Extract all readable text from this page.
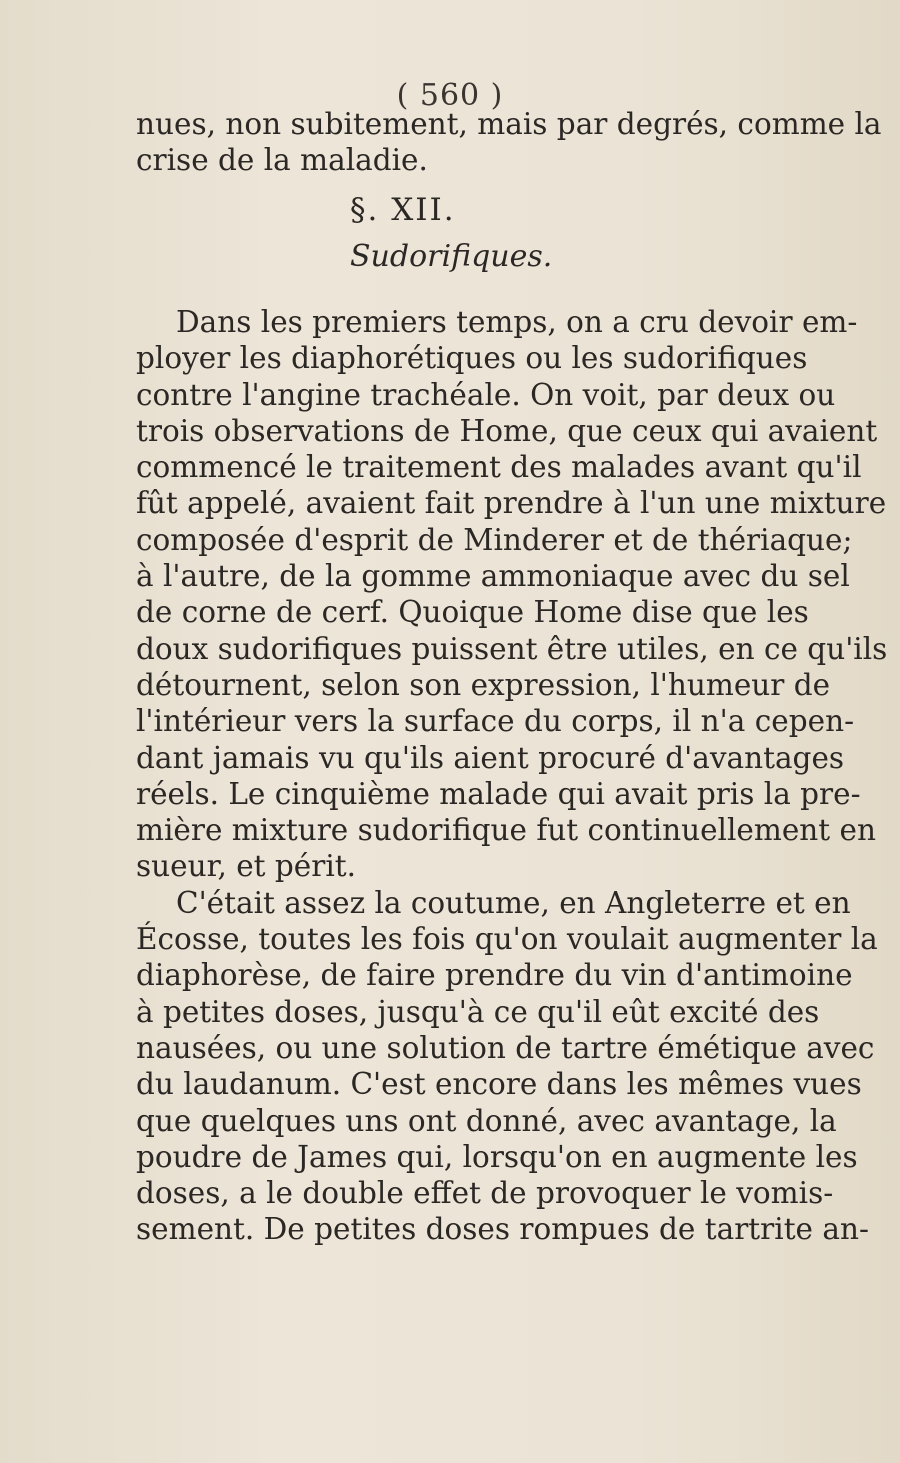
( 560 )
nues, non subitement, mais par degrés, comme la
crise de la maladie.
§. XII.
Sudorifiques.
Dans les premiers temps, on a cru devoir em-
ployer les diaphorétiques ou les sudorifiques
contre l'angine trachéale. On voit, par deux ou
trois observations de Home, que ceux qui avaient
commencé le traitement des malades avant qu'il
fût appelé, avaient fait prendre à l'un une mixture
composée d'esprit de Minderer et de thériaque;
à l'autre, de la gomme ammoniaque avec du sel
de corne de cerf. Quoique Home dise que les
doux sudorifiques puissent être utiles, en ce qu'ils
détournent, selon son expression, l'humeur de
l'intérieur vers la surface du corps, il n'a cepen-
dant jamais vu qu'ils aient procuré d'avantages
réels. Le cinquième malade qui avait pris la pre-
mière mixture sudorifique fut continuellement en
sueur, et périt.
C'était assez la coutume, en Angleterre et en
Écosse, toutes les fois qu'on voulait augmenter la
diaphorèse, de faire prendre du vin d'antimoine
à petites doses, jusqu'à ce qu'il eût excité des
nausées, ou une solution de tartre émétique avec
du laudanum. C'est encore dans les mêmes vues
que quelques uns ont donné, avec avantage, la
poudre de James qui, lorsqu'on en augmente les
doses, a le double effet de provoquer le vomis-
sement. De petites doses rompues de tartrite an-
